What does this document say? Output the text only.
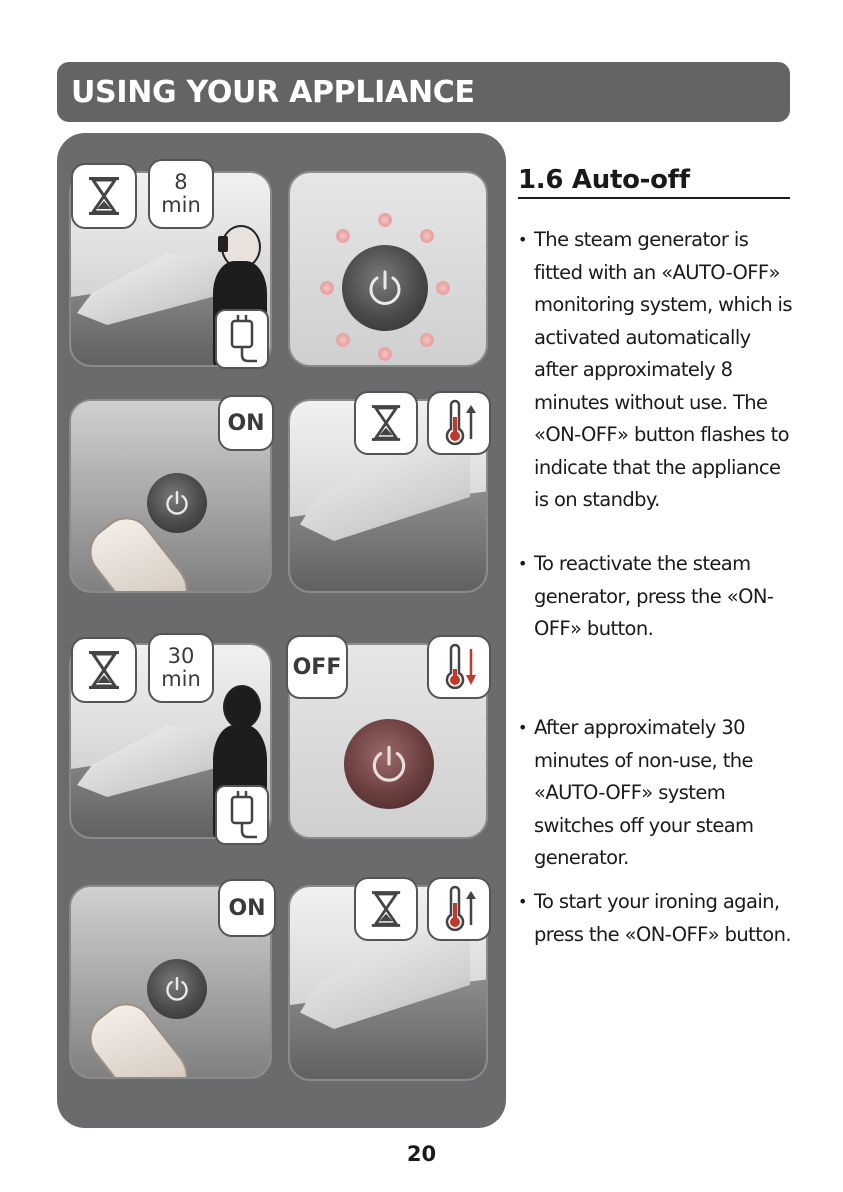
USING YOUR APPLIANCE
8
min
ON
30
min	OFF
ON
1.6 Auto-off
• The steam generator is fitted with an «AUTO-OFF» monitoring system, which is activated automatically after approximately 8 minutes without use. The «ON-OFF» button flashes to indicate that the appliance is on standby.
• To reactivate the steam generator, press the «ON-OFF» button.
• After approximately 30 minutes of non-use, the «AUTO-OFF» system switches off your steam generator.
• To start your ironing again, press the «ON-OFF» button.
20
